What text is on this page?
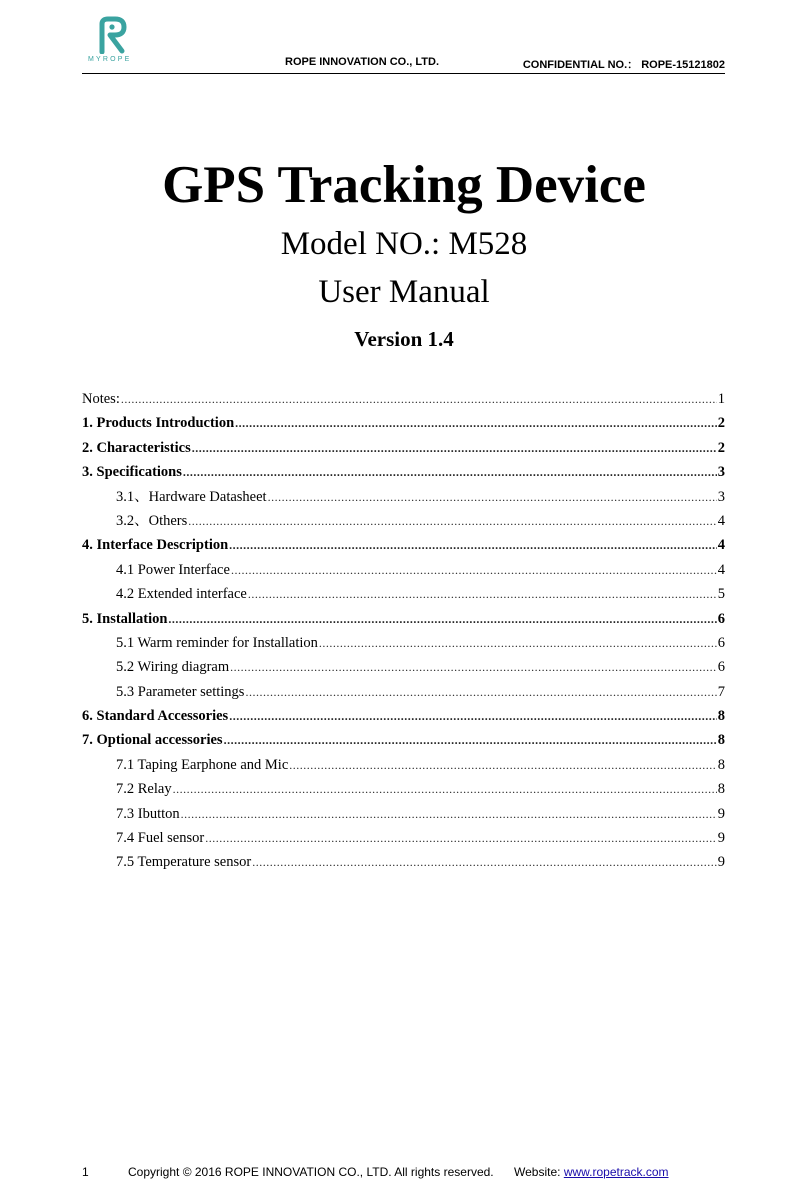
MYROPE	ROPE INNOVATION CO., LTD.	CONFIDENTIAL NO.： ROPE-15121802
GPS Tracking Device
Model NO.: M528
User Manual
Version 1.4
Notes: .....	1
1. Products Introduction .....	2
2. Characteristics .....	2
3. Specifications .....	3
3.1、Hardware Datasheet .....	3
3.2、Others .....	4
4. Interface Description .....	4
4.1 Power Interface .....	4
4.2 Extended interface .....	5
5. Installation .....	6
5.1 Warm reminder for Installation .....	6
5.2 Wiring diagram .....	6
5.3 Parameter settings .....	7
6. Standard Accessories .....	8
7. Optional accessories .....	8
7.1 Taping Earphone and Mic .....	8
7.2 Relay .....	8
7.3 Ibutton .....	9
7.4 Fuel sensor .....	9
7.5 Temperature sensor .....	9
1	Copyright © 2016 ROPE INNOVATION CO., LTD. All rights reserved. Website: www.ropetrack.com
